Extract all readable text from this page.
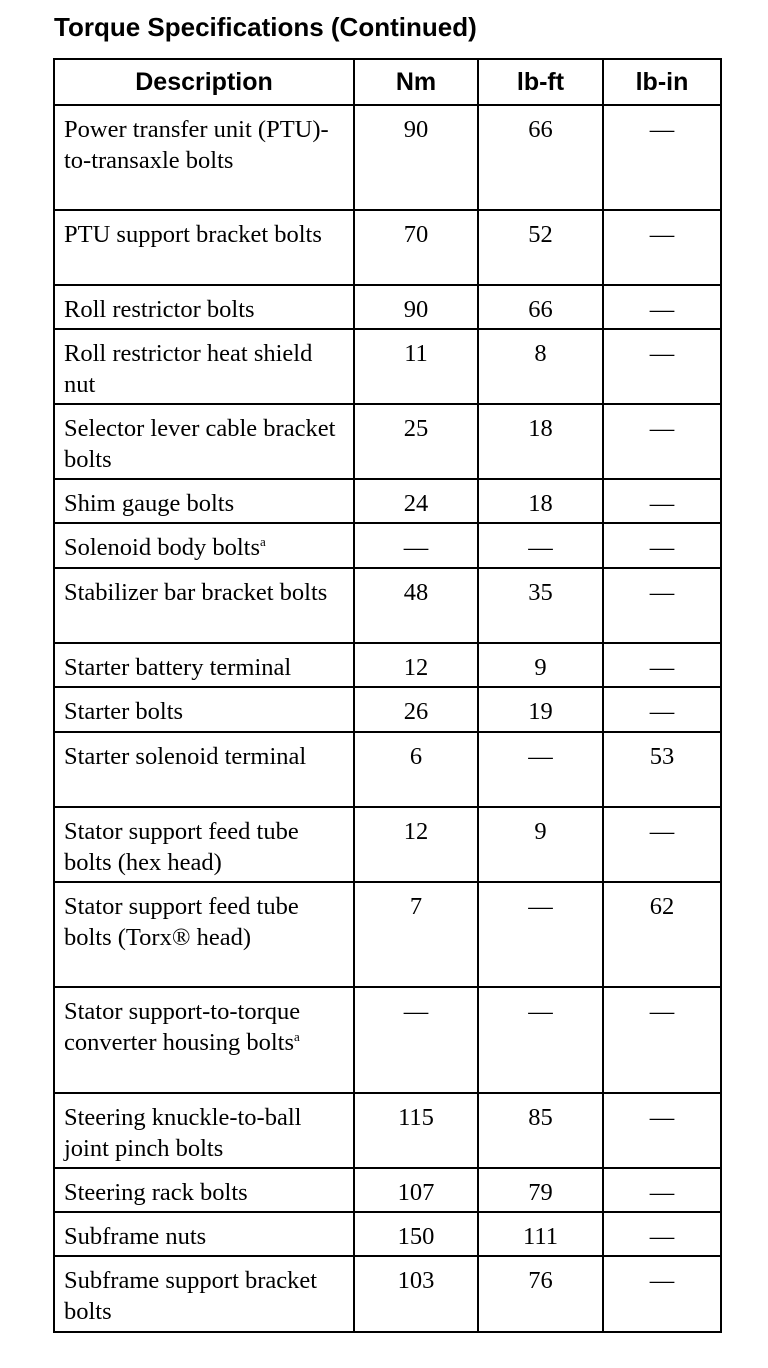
Torque Specifications (Continued)
Description	Nm	lb-ft	lb-in
Power transfer unit (PTU)-to-transaxle bolts	90	66	—
PTU support bracket bolts	70	52	—
Roll restrictor bolts	90	66	—
Roll restrictor heat shield nut	11	8	—
Selector lever cable bracket bolts	25	18	—
Shim gauge bolts	24	18	—
Solenoid body bolts$^a$	—	—	—
Stabilizer bar bracket bolts	48	35	—
Starter battery terminal	12	9	—
Starter bolts	26	19	—
Starter solenoid terminal	6	—	53
Stator support feed tube bolts (hex head)	12	9	—
Stator support feed tube bolts (Torx® head)	7	—	62
Stator support-to-torque converter housing bolts$^a$	—	—	—
Steering knuckle-to-ball joint pinch bolts	115	85	—
Steering rack bolts	107	79	—
Subframe nuts	150	111	—
Subframe support bracket bolts	103	76	—
